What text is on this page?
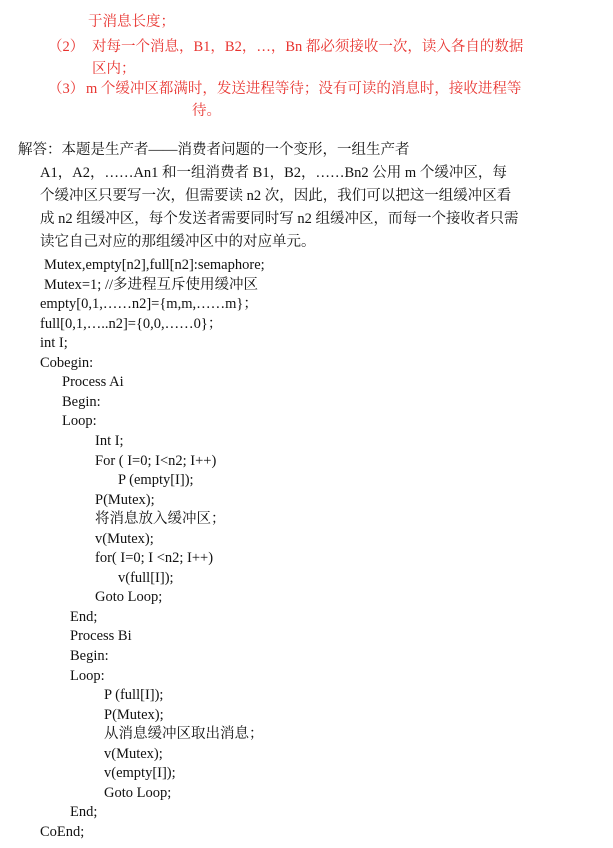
于消息长度；
（2） 对每一个消息，B1，B2，…，Bn 都必须接收一次，读入各自的数据
区内；
（3） m 个缓冲区都满时，发送进程等待；没有可读的消息时，接收进程等
待。
解答：本题是生产者——消费者问题的一个变形，一组生产者
A1，A2，……An1 和一组消费者 B1，B2，……Bn2 公用 m 个缓冲区，每
个缓冲区只要写一次，但需要读 n2 次，因此，我们可以把这一组缓冲区看
成 n2 组缓冲区，每个发送者需要同时写 n2 组缓冲区，而每一个接收者只需
读它自己对应的那组缓冲区中的对应单元。
Mutex,empty[n2],full[n2]:semaphore;
Mutex=1; //多进程互斥使用缓冲区
empty[0,1,……n2]={m,m,……m}；
full[0,1,…..n2]={0,0,……0}；
int I;
Cobegin:
Process Ai
Begin:
Loop:
Int I;
For ( I=0; I<n2; I++)
P (empty[I]);
P(Mutex);
将消息放入缓冲区；
v(Mutex);
for( I=0; I <n2; I++)
v(full[I]);
Goto Loop;
End;
Process Bi
Begin:
Loop:
P (full[I]);
P(Mutex);
从消息缓冲区取出消息；
v(Mutex);
v(empty[I]);
Goto Loop;
End;
CoEnd;
